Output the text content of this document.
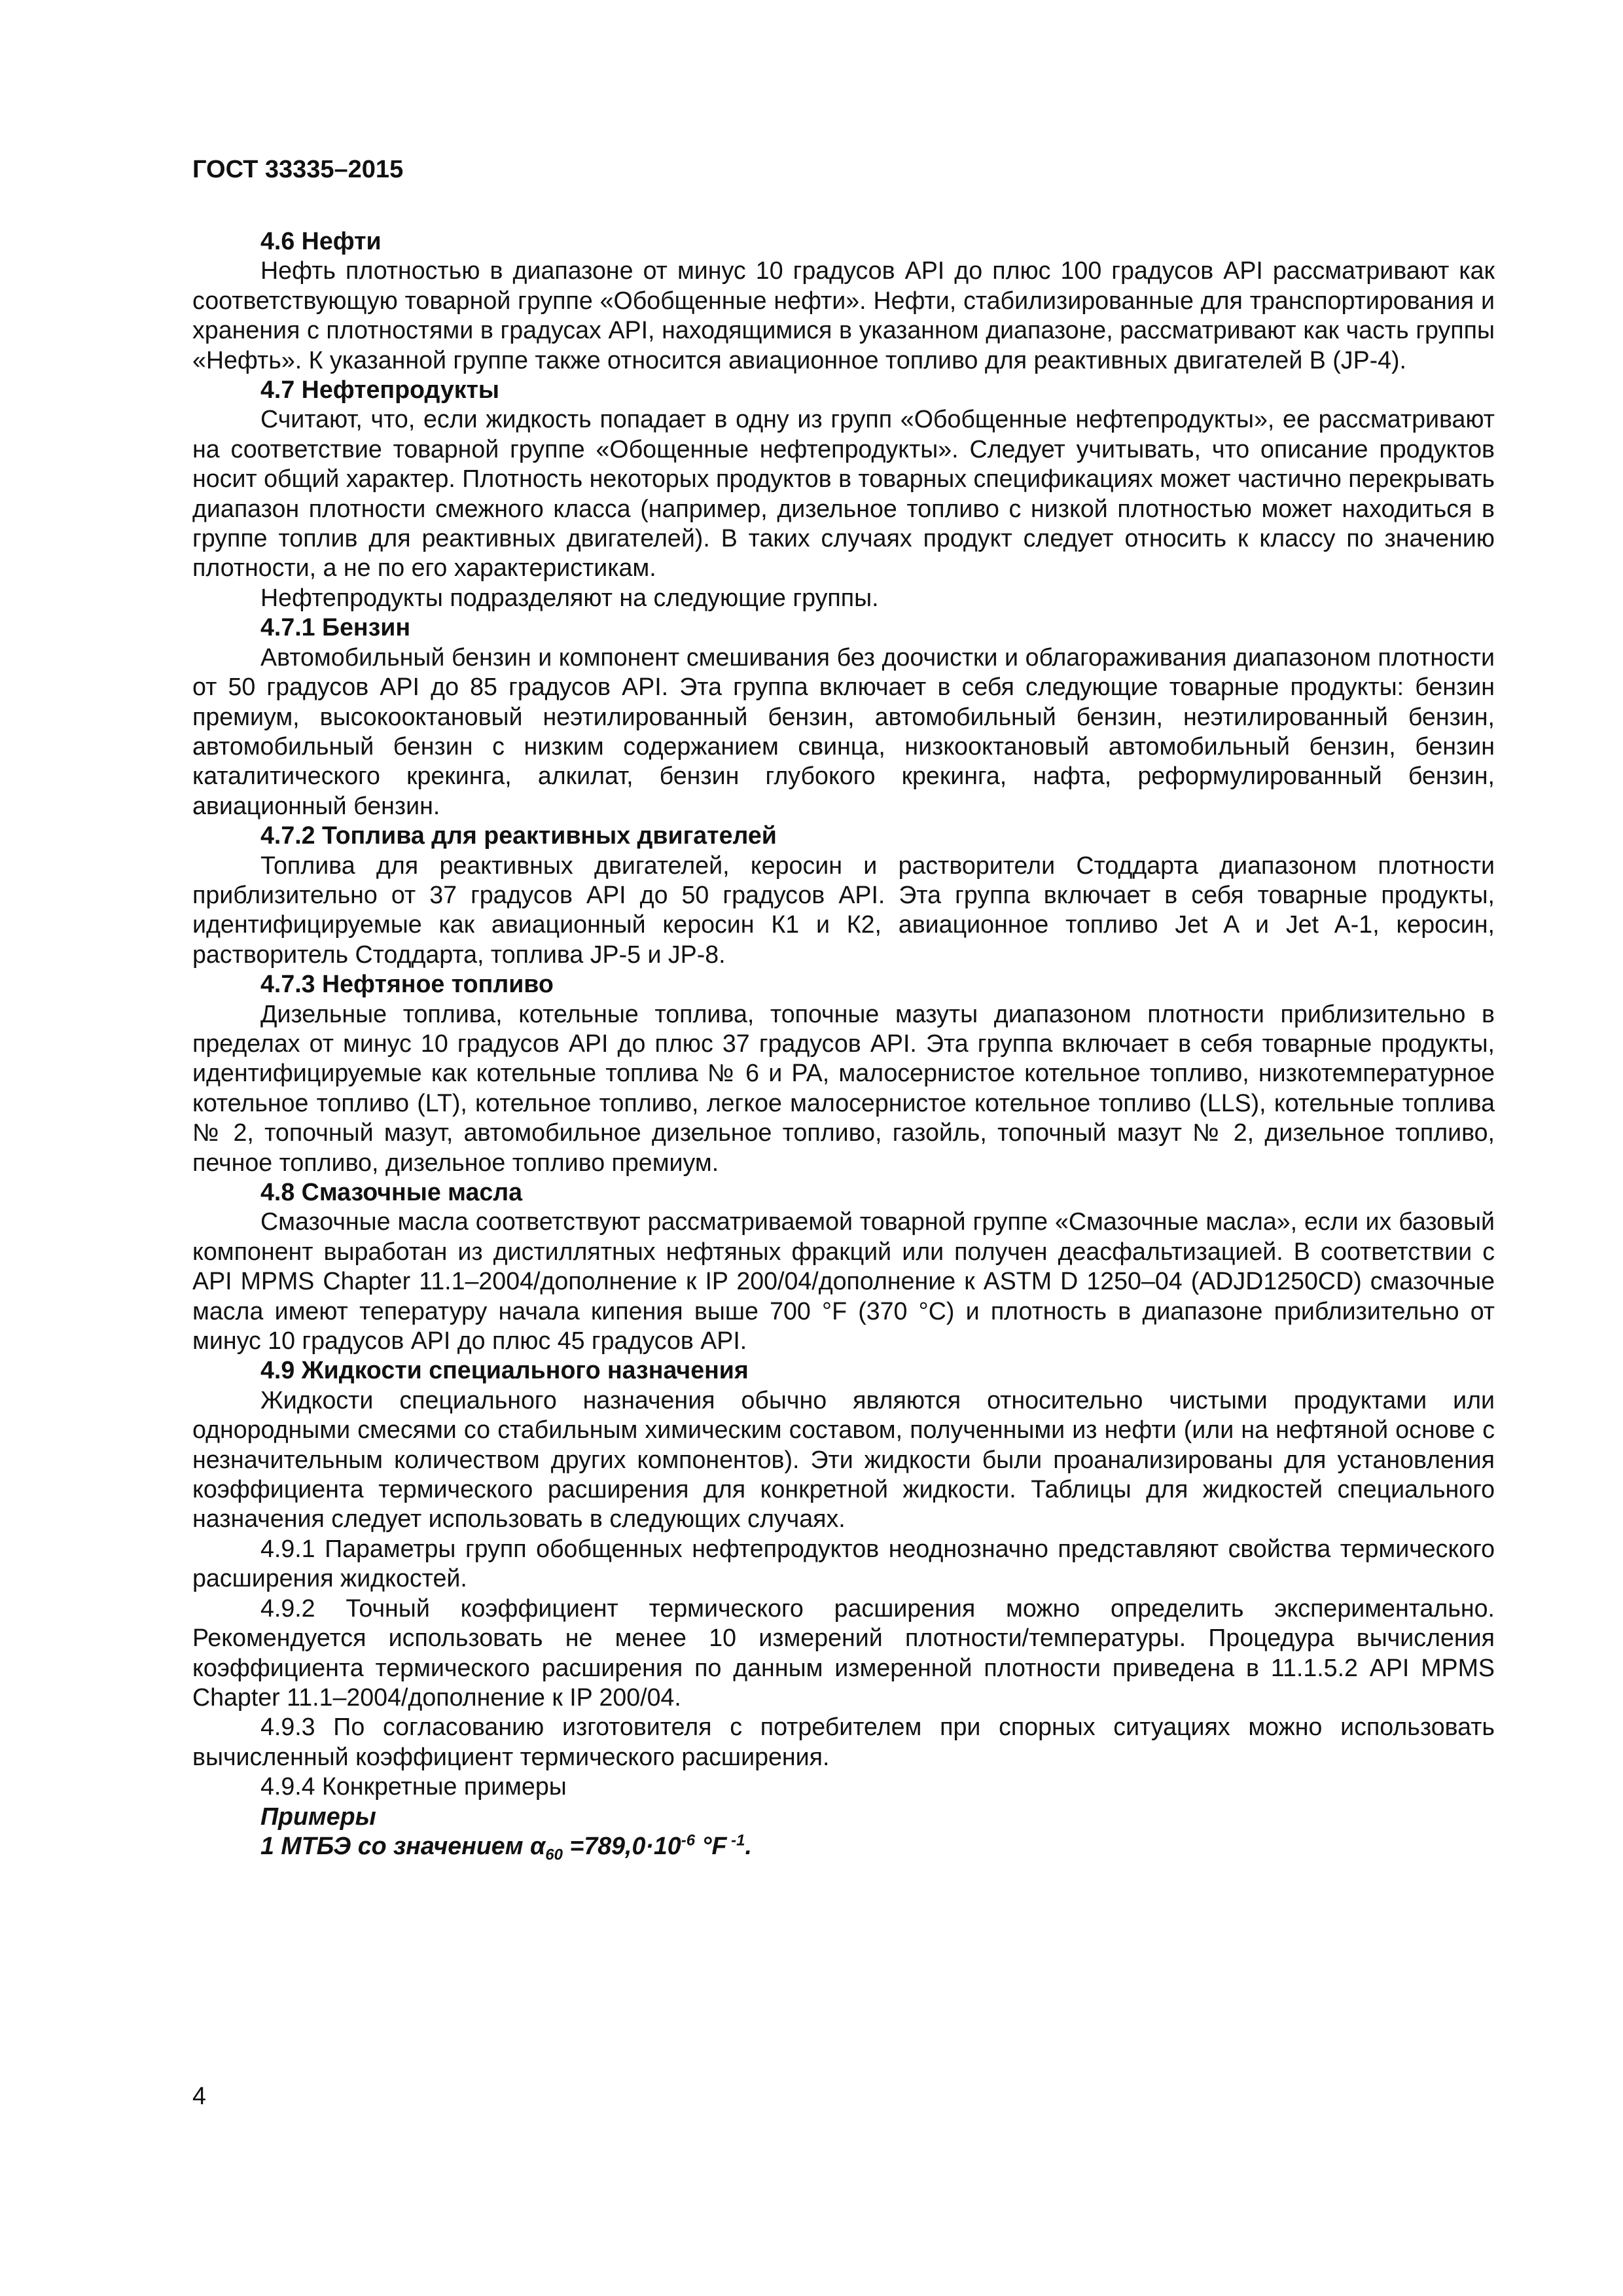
ГОСТ 33335–2015

4.6 Нефти

Нефть плотностью в диапазоне от минус 10 градусов API до плюс 100 градусов API рассматривают как соответствующую товарной группе «Обобщенные нефти». Нефти, стабилизированные для транспортирования и хранения с плотностями в градусах API, находящимися в указанном диапазоне, рассматривают как часть группы «Нефть». К указанной группе также относится авиационное топливо для реактивных двигателей B (JP-4).

4.7 Нефтепродукты

Считают, что, если жидкость попадает в одну из групп «Обобщенные нефтепродукты», ее рассматривают на соответствие товарной группе «Обощенные нефтепродукты». Следует учитывать, что описание продуктов носит общий характер. Плотность некоторых продуктов в товарных спецификациях может частично перекрывать диапазон плотности смежного класса (например, дизельное топливо с низкой плотностью может находиться в группе топлив для реактивных двигателей). В таких случаях продукт следует относить к классу по значению плотности, а не по его характеристикам.

Нефтепродукты подразделяют на следующие группы.

4.7.1 Бензин

Автомобильный бензин и компонент смешивания без доочистки и облагораживания диапазоном плотности от 50 градусов API до 85 градусов API. Эта группа включает в себя следующие товарные продукты: бензин премиум, высокооктановый неэтилированный бензин, автомобильный бензин, неэтилированный бензин, автомобильный бензин с низким содержанием свинца, низкооктановый автомобильный бензин, бензин каталитического крекинга, алкилат, бензин глубокого крекинга, нафта, реформулированный бензин, авиационный бензин.

4.7.2 Топлива для реактивных двигателей

Топлива для реактивных двигателей, керосин и растворители Стоддарта диапазоном плотности приблизительно от 37 градусов API до 50 градусов API. Эта группа включает в себя товарные продукты, идентифицируемые как авиационный керосин К1 и К2, авиационное топливо Jet A и Jet A-1, керосин, растворитель Стоддарта, топлива JP-5 и JP-8.

4.7.3 Нефтяное топливо

Дизельные топлива, котельные топлива, топочные мазуты диапазоном плотности приблизительно в пределах от минус 10 градусов API до плюс 37 градусов API. Эта группа включает в себя товарные продукты, идентифицируемые как котельные топлива № 6 и PA, малосернистое котельное топливо, низкотемпературное котельное топливо (LT), котельное топливо, легкое малосернистое котельное топливо (LLS), котельные топлива № 2, топочный мазут, автомобильное дизельное топливо, газойль, топочный мазут № 2, дизельное топливо, печное топливо, дизельное топливо премиум.

4.8 Смазочные масла

Смазочные масла соответствуют рассматриваемой товарной группе «Смазочные масла», если их базовый компонент выработан из дистиллятных нефтяных фракций или получен деасфальтизацией. В соответствии с API MPMS Chapter 11.1–2004/дополнение к IP 200/04/дополнение к ASTM D 1250–04 (ADJD1250CD) смазочные масла имеют тепературу начала кипения выше 700 °F (370 °C) и плотность в диапазоне приблизительно от минус 10 градусов API до плюс 45 градусов API.

4.9 Жидкости специального назначения

Жидкости специального назначения обычно являются относительно чистыми продуктами или однородными смесями со стабильным химическим составом, полученными из нефти (или на нефтяной основе с незначительным количеством других компонентов). Эти жидкости были проанализированы для установления коэффициента термического расширения для конкретной жидкости. Таблицы для жидкостей специального назначения следует использовать в следующих случаях.

4.9.1 Параметры групп обобщенных нефтепродуктов неоднозначно представляют свойства термического расширения жидкостей.

4.9.2 Точный коэффициент термического расширения можно определить экспериментально. Рекомендуется использовать не менее 10 измерений плотности/температуры. Процедура вычисления коэффициента термического расширения по данным измеренной плотности приведена в 11.1.5.2 API MPMS Chapter 11.1–2004/дополнение к IP 200/04.

4.9.3 По согласованию изготовителя с потребителем при спорных ситуациях можно использовать вычисленный коэффициент термического расширения.

4.9.4 Конкретные примеры

Примеры

1 МТБЭ со значением $\alpha_{60} =789,0\cdot 10^{-6}$ °F $^{-1}$.

4
